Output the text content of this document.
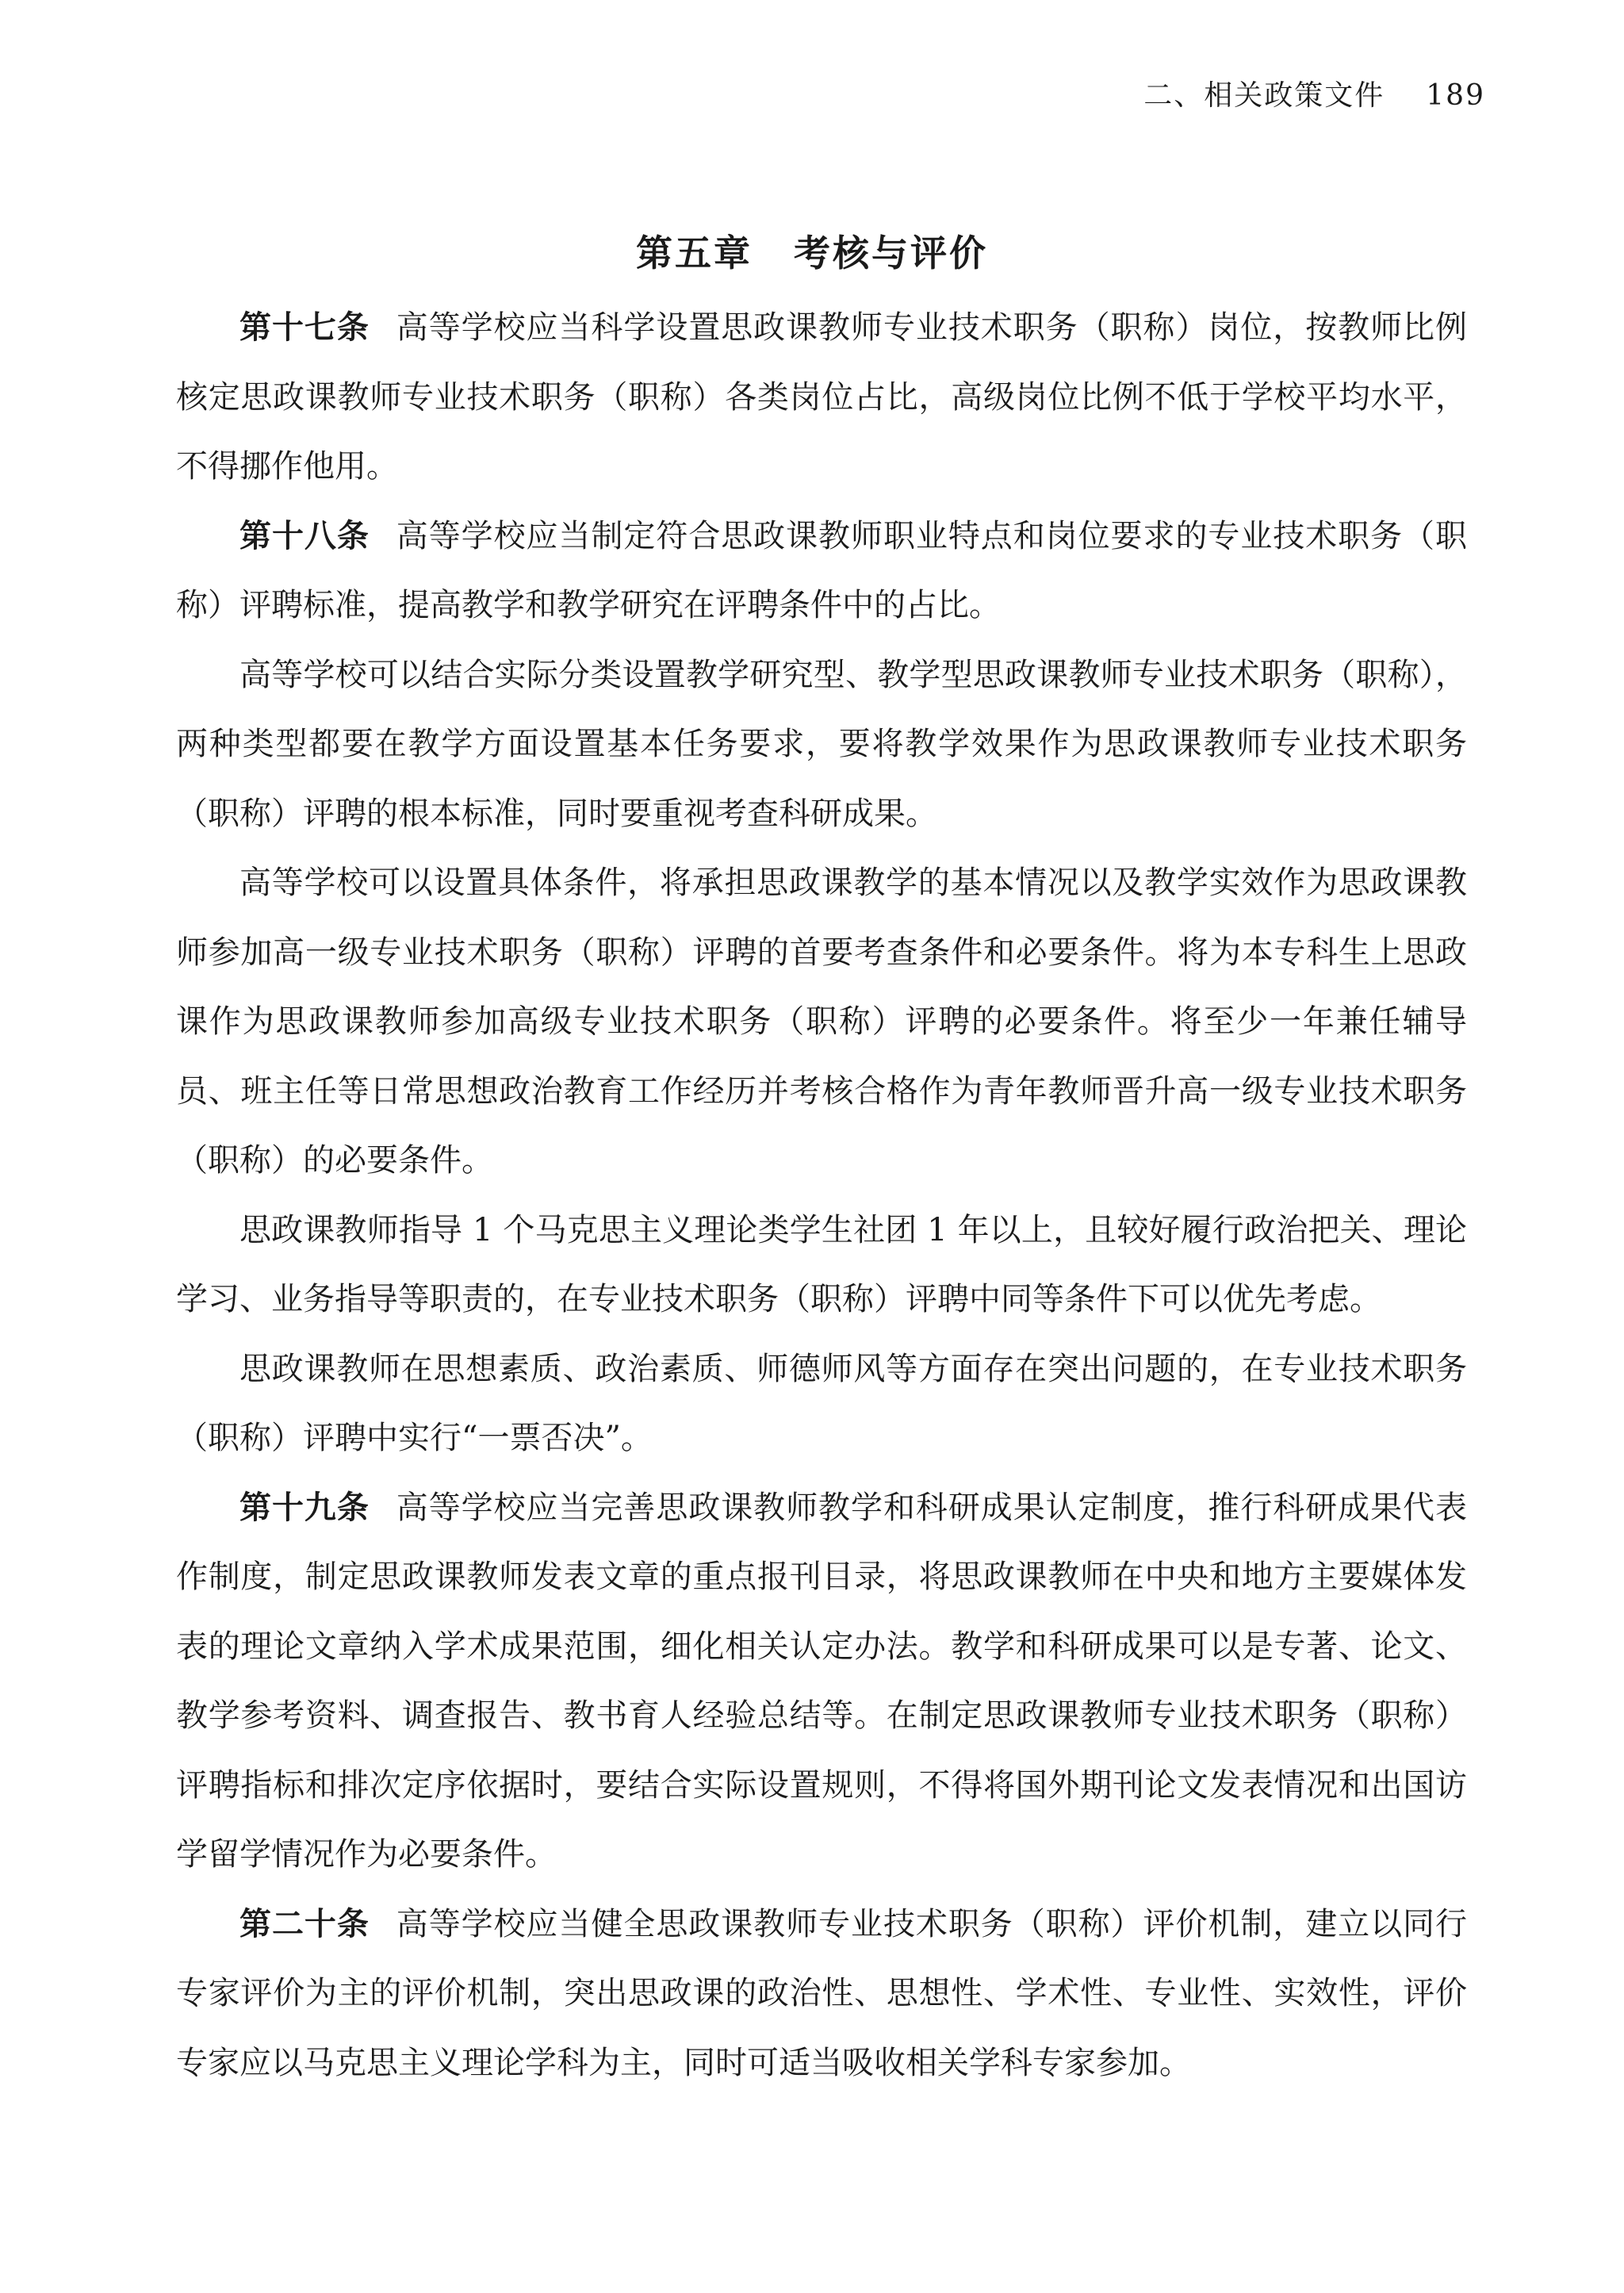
二、相关政策文件 189
第五章 考核与评价

第十七条 高等学校应当科学设置思政课教师专业技术职务（职称）岗位，按教师比例核定思政课教师专业技术职务（职称）各类岗位占比，高级岗位比例不低于学校平均水平，不得挪作他用。

第十八条 高等学校应当制定符合思政课教师职业特点和岗位要求的专业技术职务（职称）评聘标准，提高教学和教学研究在评聘条件中的占比。

高等学校可以结合实际分类设置教学研究型、教学型思政课教师专业技术职务（职称），两种类型都要在教学方面设置基本任务要求，要将教学效果作为思政课教师专业技术职务（职称）评聘的根本标准，同时要重视考查科研成果。

高等学校可以设置具体条件，将承担思政课教学的基本情况以及教学实效作为思政课教师参加高一级专业技术职务（职称）评聘的首要考查条件和必要条件。将为本专科生上思政课作为思政课教师参加高级专业技术职务（职称）评聘的必要条件。将至少一年兼任辅导员、班主任等日常思想政治教育工作经历并考核合格作为青年教师晋升高一级专业技术职务（职称）的必要条件。

思政课教师指导 1 个马克思主义理论类学生社团 1 年以上，且较好履行政治把关、理论学习、业务指导等职责的，在专业技术职务（职称）评聘中同等条件下可以优先考虑。

思政课教师在思想素质、政治素质、师德师风等方面存在突出问题的，在专业技术职务（职称）评聘中实行“一票否决”。

第十九条 高等学校应当完善思政课教师教学和科研成果认定制度，推行科研成果代表作制度，制定思政课教师发表文章的重点报刊目录，将思政课教师在中央和地方主要媒体发表的理论文章纳入学术成果范围，细化相关认定办法。教学和科研成果可以是专著、论文、教学参考资料、调查报告、教书育人经验总结等。在制定思政课教师专业技术职务（职称）评聘指标和排次定序依据时，要结合实际设置规则，不得将国外期刊论文发表情况和出国访学留学情况作为必要条件。

第二十条 高等学校应当健全思政课教师专业技术职务（职称）评价机制，建立以同行专家评价为主的评价机制，突出思政课的政治性、思想性、学术性、专业性、实效性，评价专家应以马克思主义理论学科为主，同时可适当吸收相关学科专家参加。
